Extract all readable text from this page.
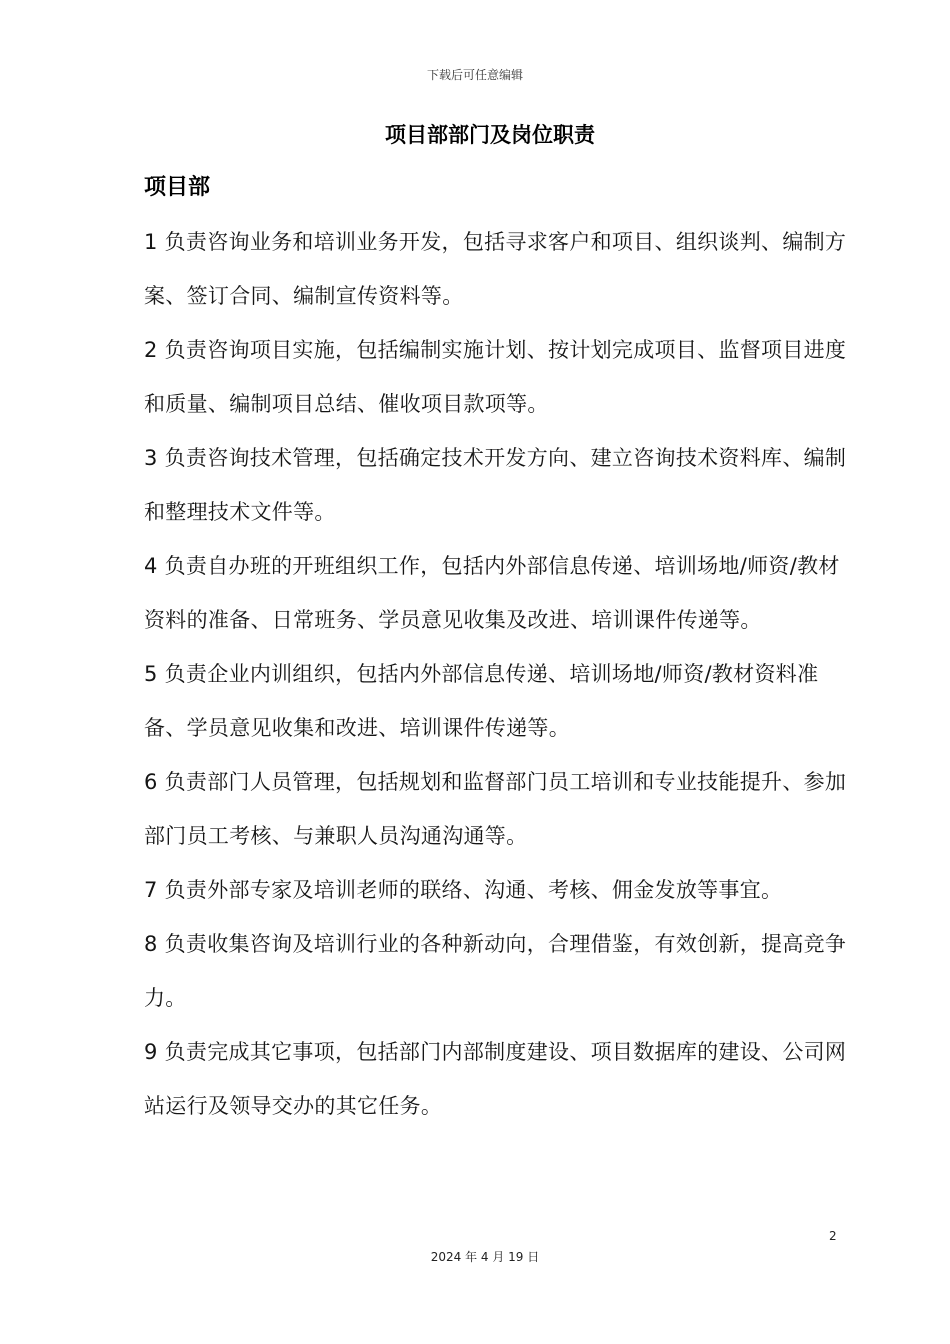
下载后可任意编辑
项目部部门及岗位职责
项目部
1 负责咨询业务和培训业务开发，包括寻求客户和项目、组织谈判、编制方案、签订合同、编制宣传资料等。
2 负责咨询项目实施，包括编制实施计划、按计划完成项目、监督项目进度和质量、编制项目总结、催收项目款项等。
3 负责咨询技术管理，包括确定技术开发方向、建立咨询技术资料库、编制和整理技术文件等。
4 负责自办班的开班组织工作，包括内外部信息传递、培训场地/师资/教材资料的准备、日常班务、学员意见收集及改进、培训课件传递等。
5 负责企业内训组织，包括内外部信息传递、培训场地/师资/教材资料准备、学员意见收集和改进、培训课件传递等。
6 负责部门人员管理，包括规划和监督部门员工培训和专业技能提升、参加部门员工考核、与兼职人员沟通沟通等。
7 负责外部专家及培训老师的联络、沟通、考核、佣金发放等事宜。
8 负责收集咨询及培训行业的各种新动向，合理借鉴，有效创新，提高竞争力。
9 负责完成其它事项，包括部门内部制度建设、项目数据库的建设、公司网站运行及领导交办的其它任务。
2
2024 年 4 月 19 日
